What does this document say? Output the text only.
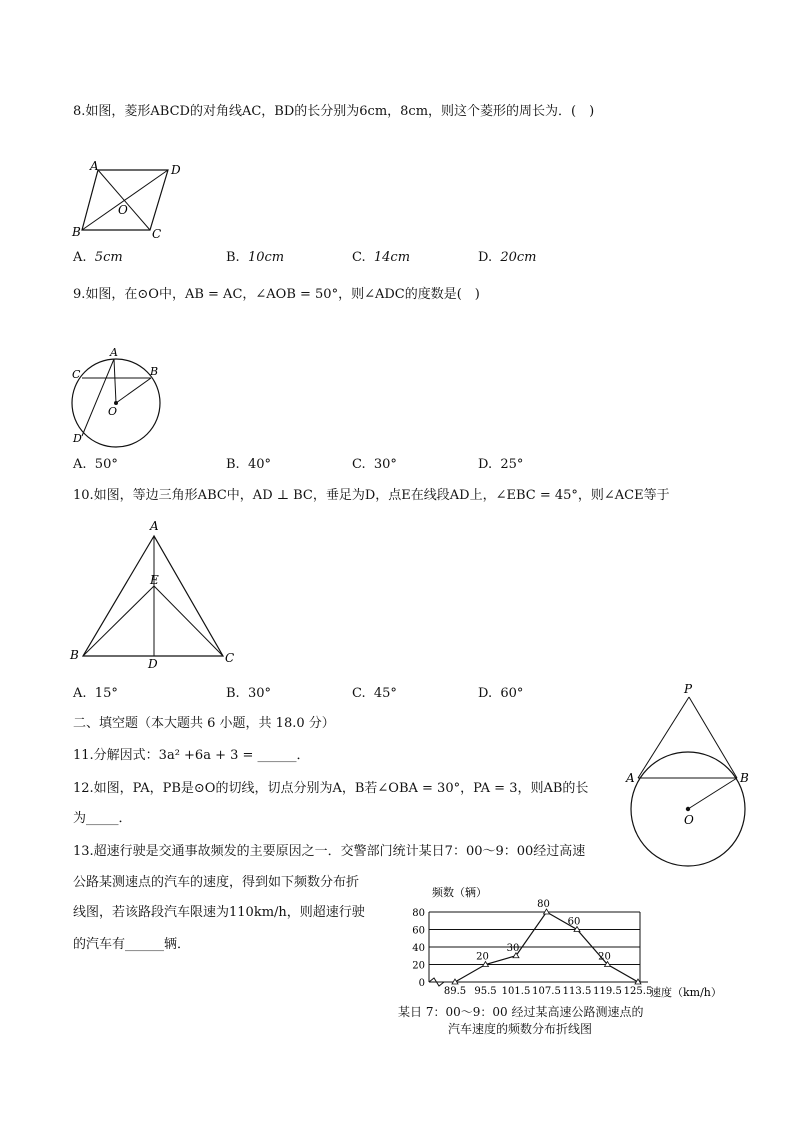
8.如图，菱形ABCD的对角线AC，BD的长分别为6cm，8cm，则这个菱形的周长为．(　)
A	D
B	C
O
A. 5cm	B. 10cm	C. 14cm	D. 20cm
9.如图，在⊙O中，AB = AC，∠AOB = 50°，则∠ADC的度数是(　)
A
C	B
O
D
A. 50°	B. 40°	C. 30°	D. 25°
10.如图，等边三角形ABC中，AD ⊥ BC，垂足为D，点E在线段AD上，∠EBC = 45°，则∠ACE等于
A
E
B	C
D
A. 15°	B. 30°	C. 45°	D. 60°
二、填空题（本大题共 6 小题，共 18.0 分）
11.分解因式：3a² +6a + 3 = ______．
12.如图，PA，PB是⊙O的切线，切点分别为A，B若∠OBA = 30°，PA = 3，则AB的长
为_____．
P
A	B
O
13.超速行驶是交通事故频发的主要原因之一．交警部门统计某日7：00～9：00经过高速
公路某测速点的汽车的速度，得到如下频数分布折
线图，若该路段汽车限速为110km/h，则超速行驶
的汽车有______辆．
频数（辆）
速度（km/h）
0
20
40
60
80
89.5 95.5 101.5 107.5 113.5 119.5 125.5
20
30
80
60
20
某日 7：00～9：00 经过某高速公路测速点的
汽车速度的频数分布折线图
